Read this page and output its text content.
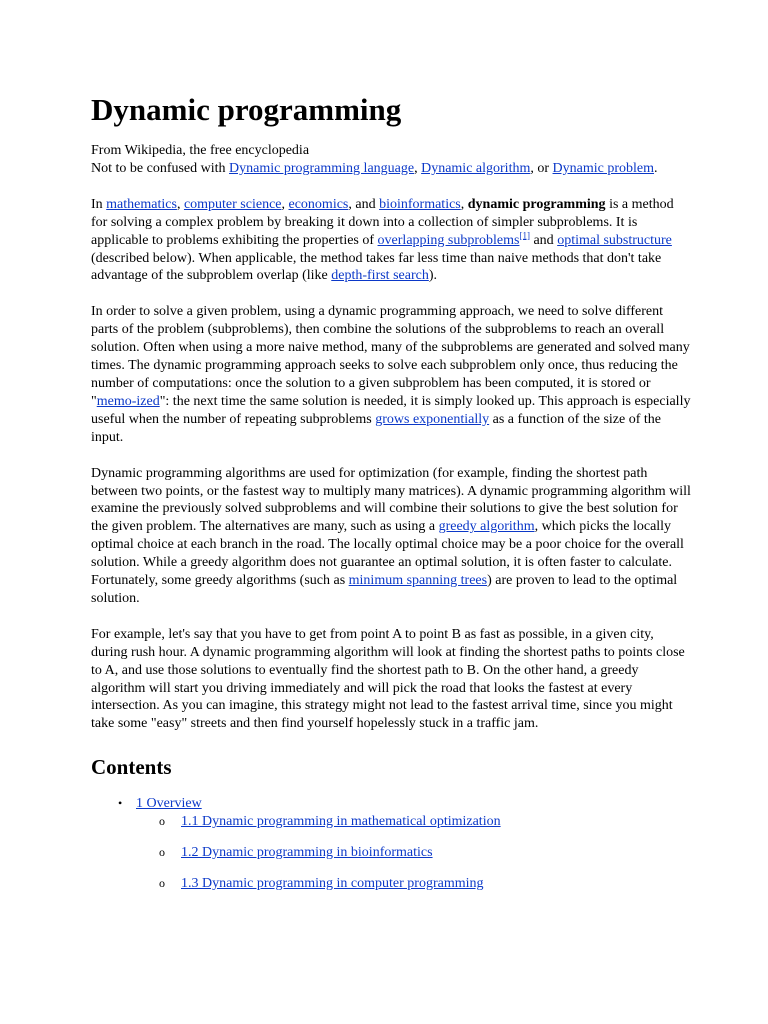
Dynamic programming
From Wikipedia, the free encyclopedia
Not to be confused with Dynamic programming language, Dynamic algorithm, or Dynamic problem.

In mathematics, computer science, economics, and bioinformatics, dynamic programming is a method for solving a complex problem by breaking it down into a collection of simpler subproblems. It is applicable to problems exhibiting the properties of overlapping subproblems[1] and optimal substructure (described below). When applicable, the method takes far less time than naive methods that don't take advantage of the subproblem overlap (like depth-first search).

In order to solve a given problem, using a dynamic programming approach, we need to solve different parts of the problem (subproblems), then combine the solutions of the subproblems to reach an overall solution. Often when using a more naive method, many of the subproblems are generated and solved many times. The dynamic programming approach seeks to solve each subproblem only once, thus reducing the number of computations: once the solution to a given subproblem has been computed, it is stored or "memo-ized": the next time the same solution is needed, it is simply looked up. This approach is especially useful when the number of repeating subproblems grows exponentially as a function of the size of the input.

Dynamic programming algorithms are used for optimization (for example, finding the shortest path between two points, or the fastest way to multiply many matrices). A dynamic programming algorithm will examine the previously solved subproblems and will combine their solutions to give the best solution for the given problem. The alternatives are many, such as using a greedy algorithm, which picks the locally optimal choice at each branch in the road. The locally optimal choice may be a poor choice for the overall solution. While a greedy algorithm does not guarantee an optimal solution, it is often faster to calculate. Fortunately, some greedy algorithms (such as minimum spanning trees) are proven to lead to the optimal solution.

For example, let's say that you have to get from point A to point B as fast as possible, in a given city, during rush hour. A dynamic programming algorithm will look at finding the shortest paths to points close to A, and use those solutions to eventually find the shortest path to B. On the other hand, a greedy algorithm will start you driving immediately and will pick the road that looks the fastest at every intersection. As you can imagine, this strategy might not lead to the fastest arrival time, since you might take some "easy" streets and then find yourself hopelessly stuck in a traffic jam.

Contents
• 1 Overview
o 1.1 Dynamic programming in mathematical optimization
o 1.2 Dynamic programming in bioinformatics
o 1.3 Dynamic programming in computer programming
